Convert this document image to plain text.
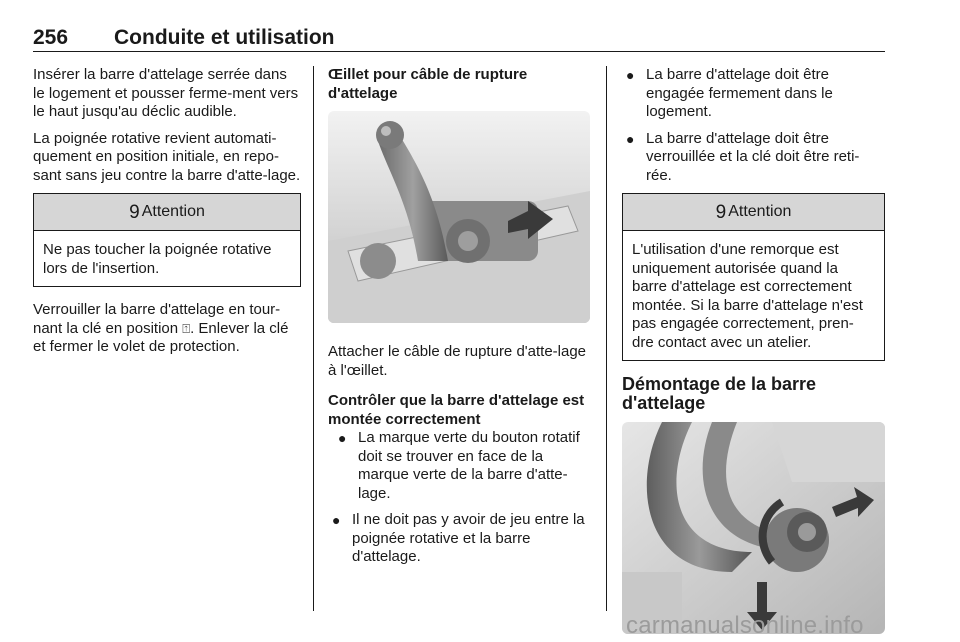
256 Conduite et utilisation

Insérer la barre d'attelage serrée dans le logement et pousser ferme-ment vers le haut jusqu'au déclic audible.

La poignée rotative revient automati-quement en position initiale, en repo-sant sans jeu contre la barre d'atte-lage.

9 Attention
Ne pas toucher la poignée rotative lors de l'insertion.

Verrouiller la barre d'attelage en tour-nant la clé en position ⍐. Enlever la clé et fermer le volet de protection.

Œillet pour câble de rupture d'attelage

Attacher le câble de rupture d'atte-lage à l'œillet.

Contrôler que la barre d'attelage est montée correctement
● La marque verte du bouton rotatif doit se trouver en face de la marque verte de la barre d'atte-lage.
● Il ne doit pas y avoir de jeu entre la poignée rotative et la barre d'attelage.
● La barre d'attelage doit être engagée fermement dans le logement.
● La barre d'attelage doit être verrouillée et la clé doit être reti-rée.
9 Attention
L'utilisation d'une remorque est uniquement autorisée quand la barre d'attelage est correctement montée. Si la barre d'attelage n'est pas engagée correctement, pren-dre contact avec un atelier.
Démontage de la barre d'attelage
carmanualsonline.info
